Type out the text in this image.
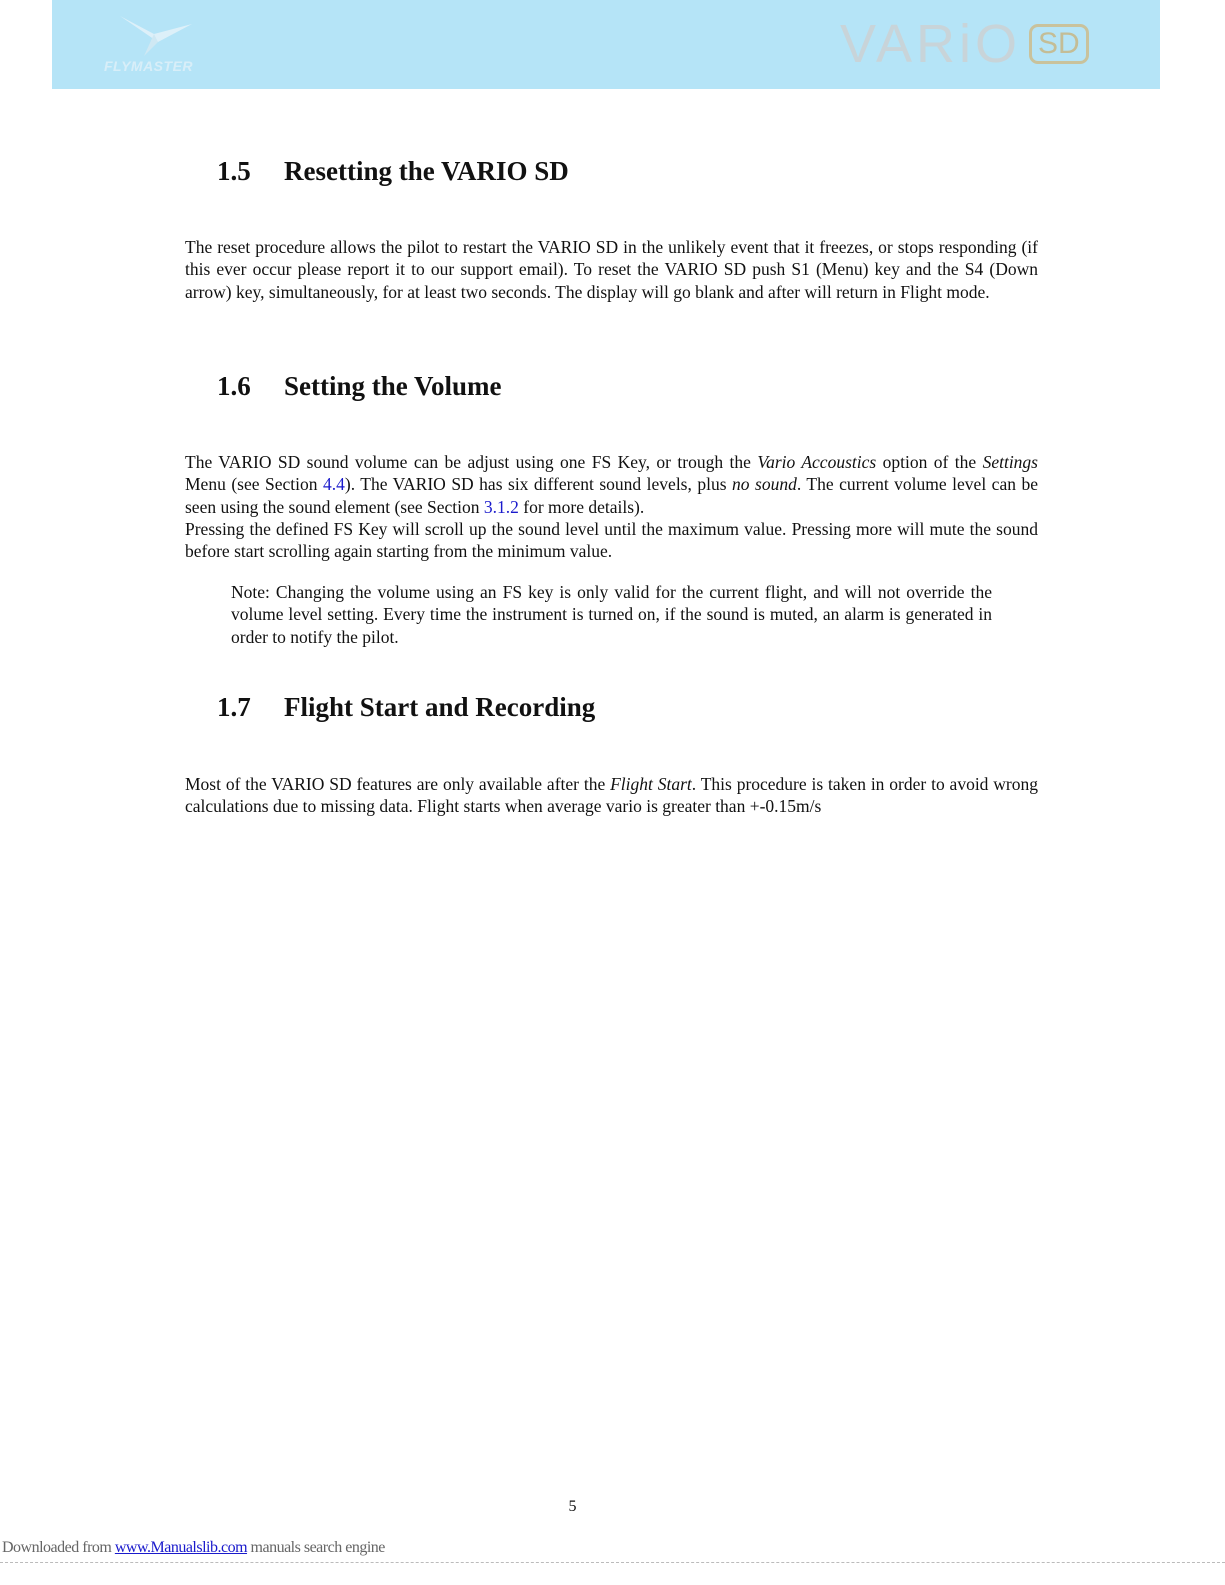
FLYMASTER	VARiO SD
1.5 Resetting the VARIO SD

The reset procedure allows the pilot to restart the VARIO SD in the unlikely event that it freezes, or stops responding (if this ever occur please report it to our support email). To reset the VARIO SD push S1 (Menu) key and the S4 (Down arrow) key, simultaneously, for at least two seconds. The display will go blank and after will return in Flight mode.

1.6 Setting the Volume

The VARIO SD sound volume can be adjust using one FS Key, or trough the Vario Accoustics option of the Settings Menu (see Section 4.4). The VARIO SD has six different sound levels, plus no sound. The current volume level can be seen using the sound element (see Section 3.1.2 for more details).

Pressing the defined FS Key will scroll up the sound level until the maximum value. Pressing more will mute the sound before start scrolling again starting from the minimum value.

Note: Changing the volume using an FS key is only valid for the current flight, and will not override the volume level setting. Every time the instrument is turned on, if the sound is muted, an alarm is generated in order to notify the pilot.

1.7 Flight Start and Recording

Most of the VARIO SD features are only available after the Flight Start. This procedure is taken in order to avoid wrong calculations due to missing data. Flight starts when average vario is greater than +-0.15m/s

5
Downloaded from www.Manualslib.com manuals search engine
